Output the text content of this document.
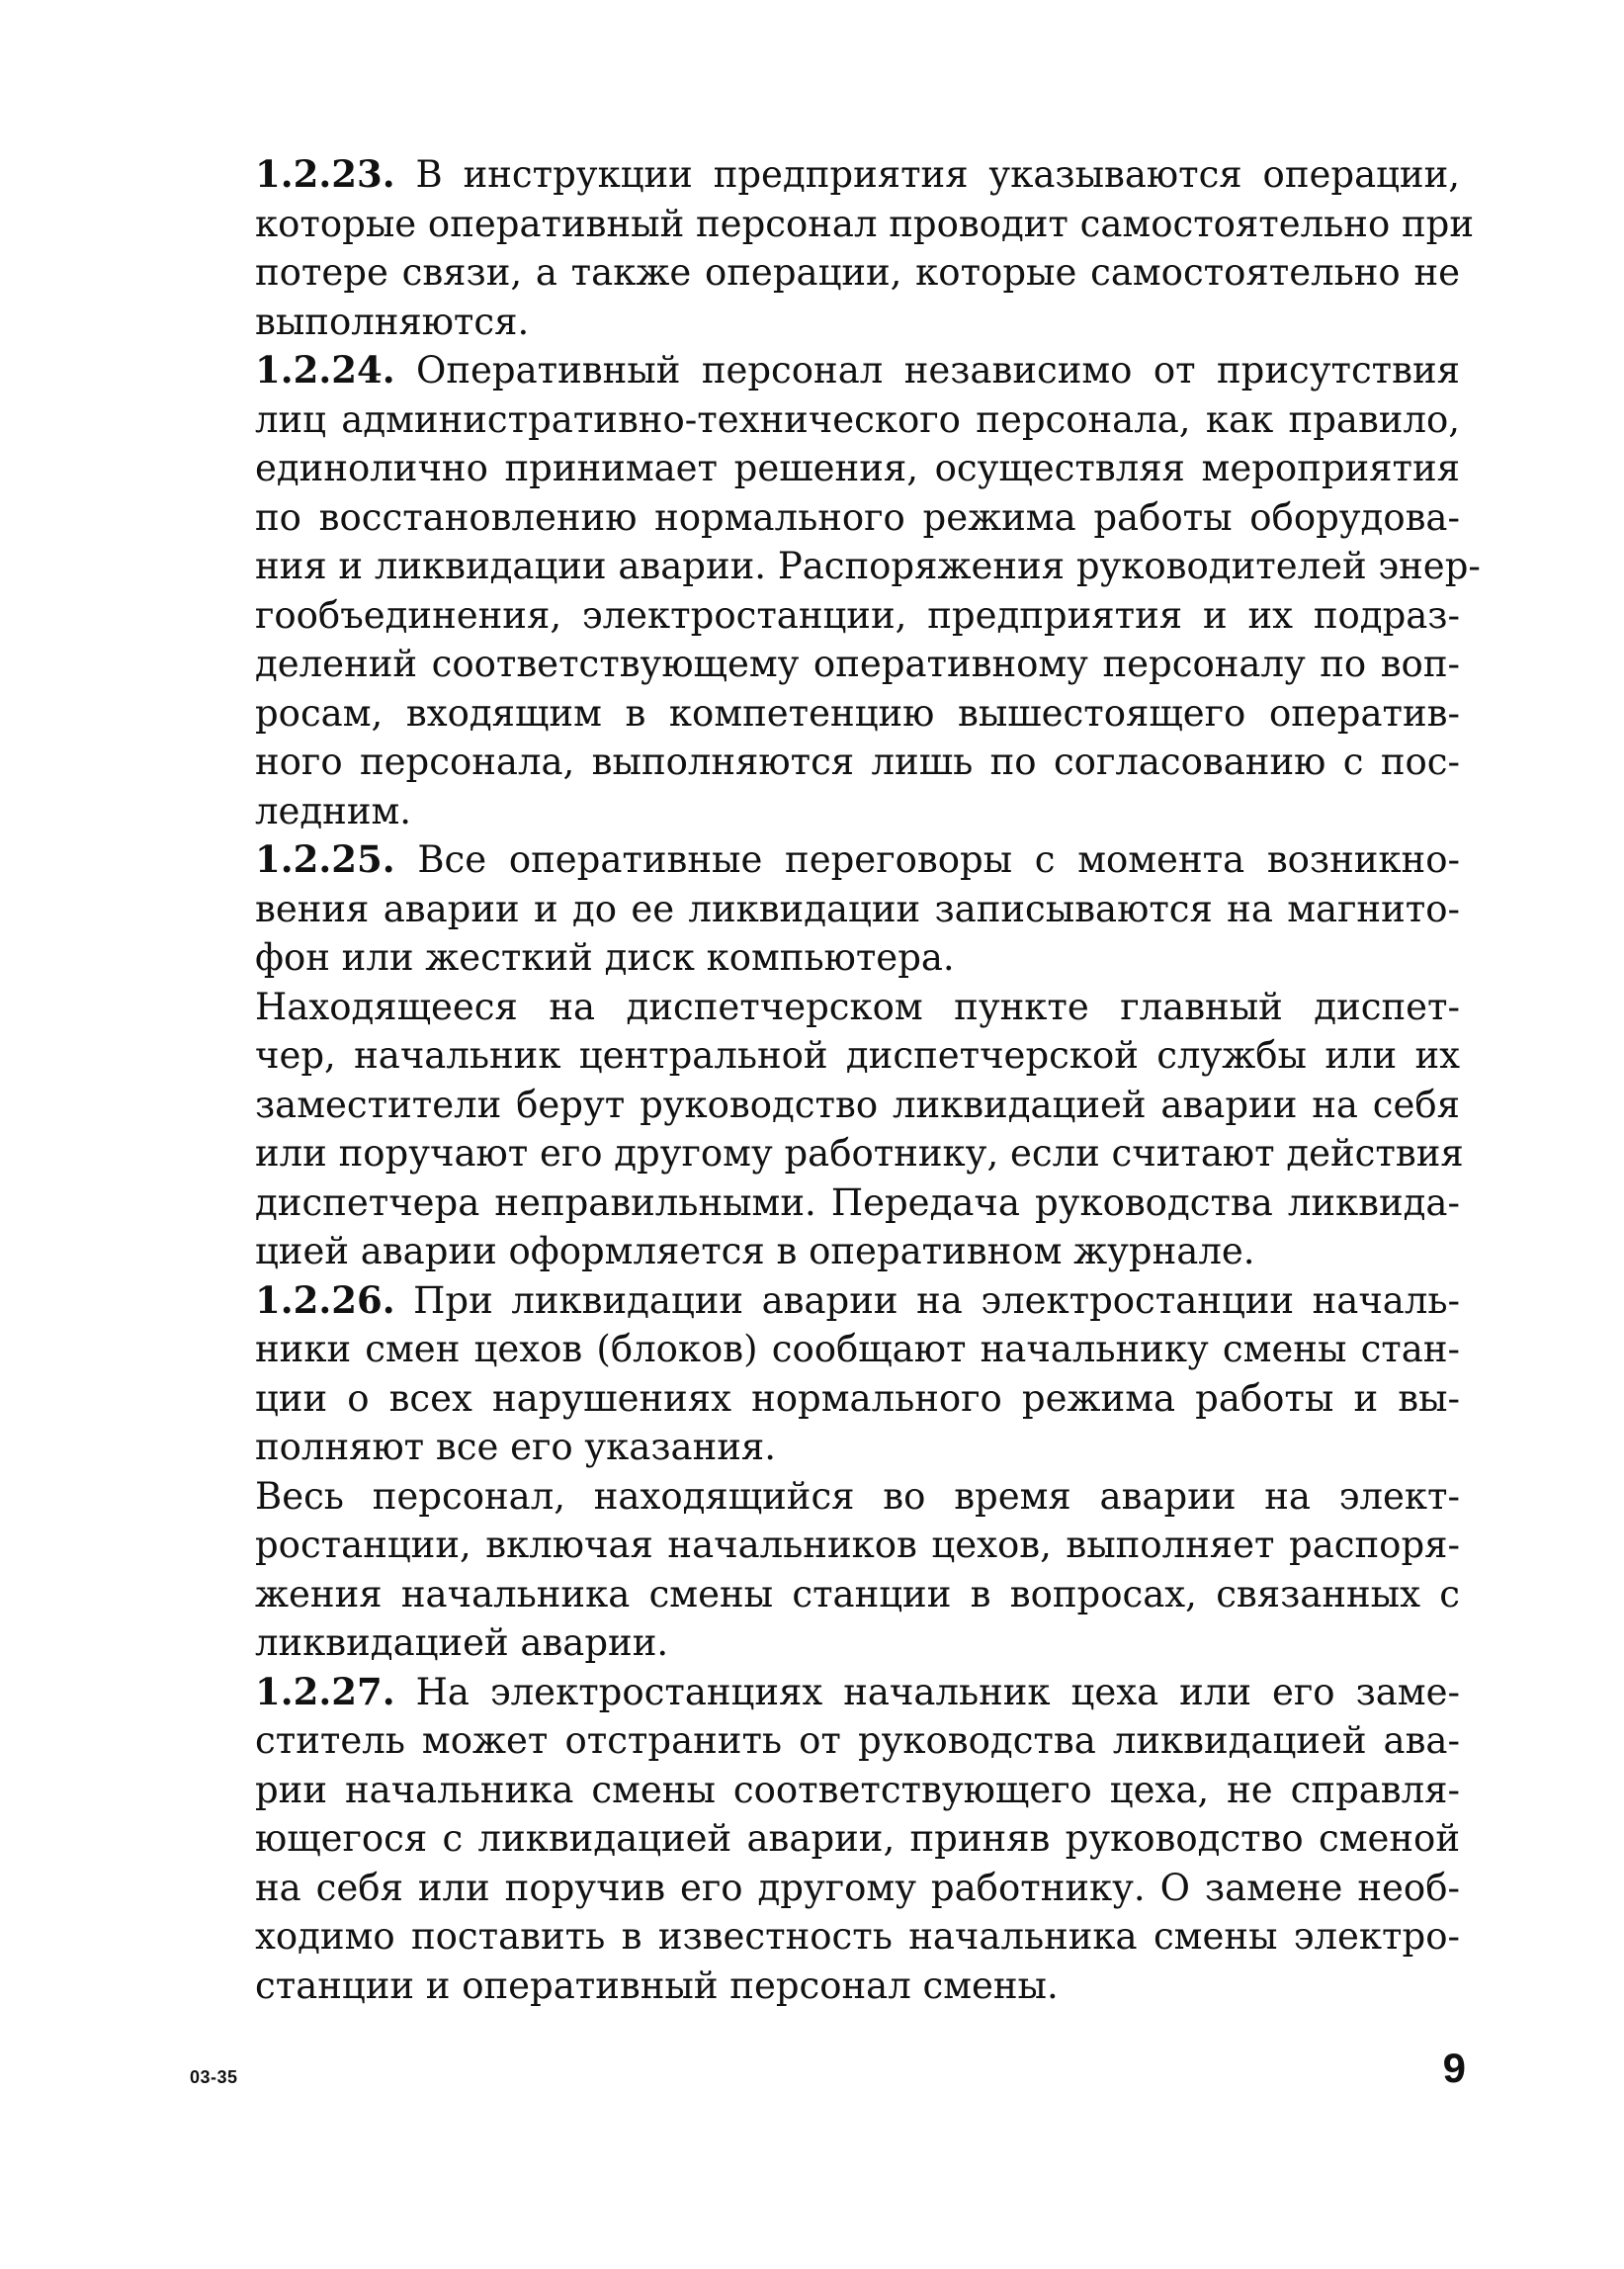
1.2.23. В инструкции предприятия указываются операции,
которые оперативный персонал проводит самостоятельно при
потере связи, а также операции, которые самостоятельно не
выполняются.

1.2.24. Оперативный персонал независимо от присутствия
лиц административно-технического персонала, как правило,
единолично принимает решения, осуществляя мероприятия
по восстановлению нормального режима работы оборудова-
ния и ликвидации аварии. Распоряжения руководителей энер-
гообъединения, электростанции, предприятия и их подраз-
делений соответствующему оперативному персоналу по воп-
росам, входящим в компетенцию вышестоящего оператив-
ного персонала, выполняются лишь по согласованию с пос-
ледним.

1.2.25. Все оперативные переговоры с момента возникно-
вения аварии и до ее ликвидации записываются на магнито-
фон или жесткий диск компьютера.

Находящееся на диспетчерском пункте главный диспет-
чер, начальник центральной диспетчерской службы или их
заместители берут руководство ликвидацией аварии на себя
или поручают его другому работнику, если считают действия
диспетчера неправильными. Передача руководства ликвида-
цией аварии оформляется в оперативном журнале.

1.2.26. При ликвидации аварии на электростанции началь-
ники смен цехов (блоков) сообщают начальнику смены стан-
ции о всех нарушениях нормального режима работы и вы-
полняют все его указания.

Весь персонал, находящийся во время аварии на элект-
ростанции, включая начальников цехов, выполняет распоря-
жения начальника смены станции в вопросах, связанных с
ликвидацией аварии.

1.2.27. На электростанциях начальник цеха или его заме-
ститель может отстранить от руководства ликвидацией ава-
рии начальника смены соответствующего цеха, не справля-
ющегося с ликвидацией аварии, приняв руководство сменой
на себя или поручив его другому работнику. О замене необ-
ходимо поставить в известность начальника смены электро-
станции и оперативный персонал смены.

03-35	9
